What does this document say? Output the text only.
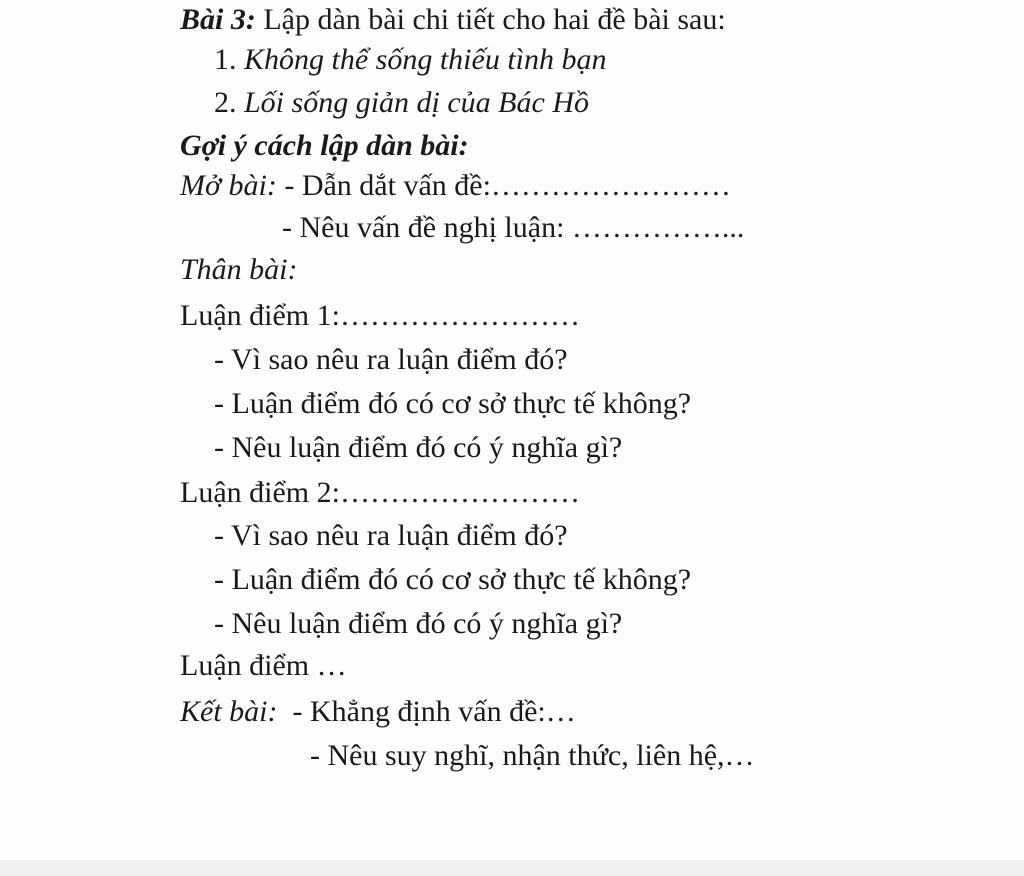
Bài 3: Lập dàn bài chi tiết cho hai đề bài sau:
1. Không thể sống thiếu tình bạn
2. Lối sống giản dị của Bác Hồ
Gợi ý cách lập dàn bài:
Mở bài: - Dẫn dắt vấn đề:……………………
- Nêu vấn đề nghị luận: ……………...
Thân bài:
Luận điểm 1:……………………
- Vì sao nêu ra luận điểm đó?
- Luận điểm đó có cơ sở thực tế không?
- Nêu luận điểm đó có ý nghĩa gì?
Luận điểm 2:……………………
- Vì sao nêu ra luận điểm đó?
- Luận điểm đó có cơ sở thực tế không?
- Nêu luận điểm đó có ý nghĩa gì?
Luận điểm …
Kết bài:  - Khẳng định vấn đề:…
- Nêu suy nghĩ, nhận thức, liên hệ,…
